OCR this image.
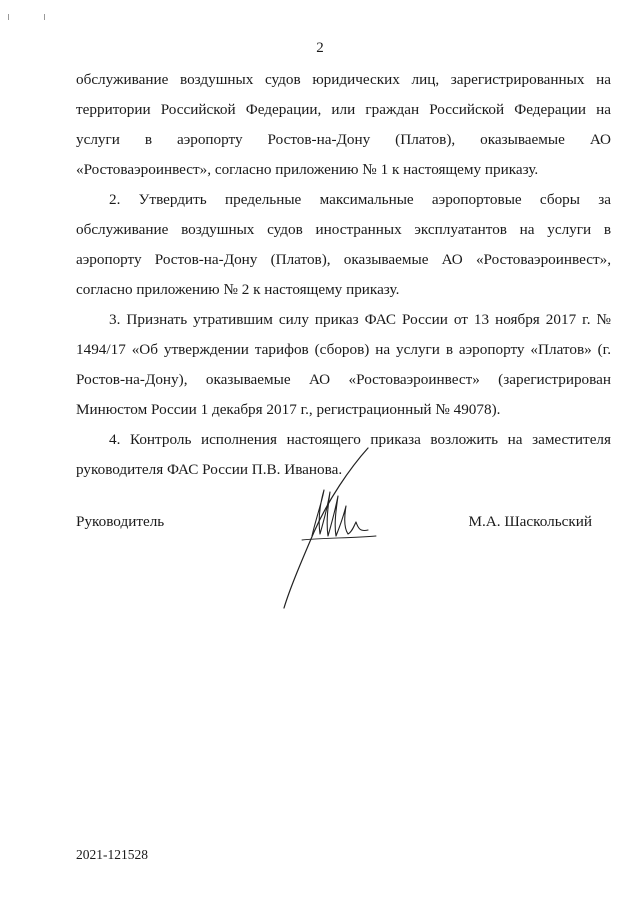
2

обслуживание воздушных судов юридических лиц, зарегистрированных на территории Российской Федерации, или граждан Российской Федерации на услуги в аэропорту Ростов-на-Дону (Платов), оказываемые АО «Ростоваэроинвест», согласно приложению № 1 к настоящему приказу.

2. Утвердить предельные максимальные аэропортовые сборы за обслуживание воздушных судов иностранных эксплуатантов на услуги в аэропорту Ростов-на-Дону (Платов), оказываемые АО «Ростоваэроинвест», согласно приложению № 2 к настоящему приказу.

3. Признать утратившим силу приказ ФАС России от 13 ноября 2017 г. № 1494/17 «Об утверждении тарифов (сборов) на услуги в аэропорту «Платов» (г. Ростов-на-Дону), оказываемые АО «Ростоваэроинвест» (зарегистрирован Минюстом России 1 декабря 2017 г., регистрационный № 49078).

4. Контроль исполнения настоящего приказа возложить на заместителя руководителя ФАС России П.В. Иванова.

Руководитель	М.А. Шаскольский
2021-121528
